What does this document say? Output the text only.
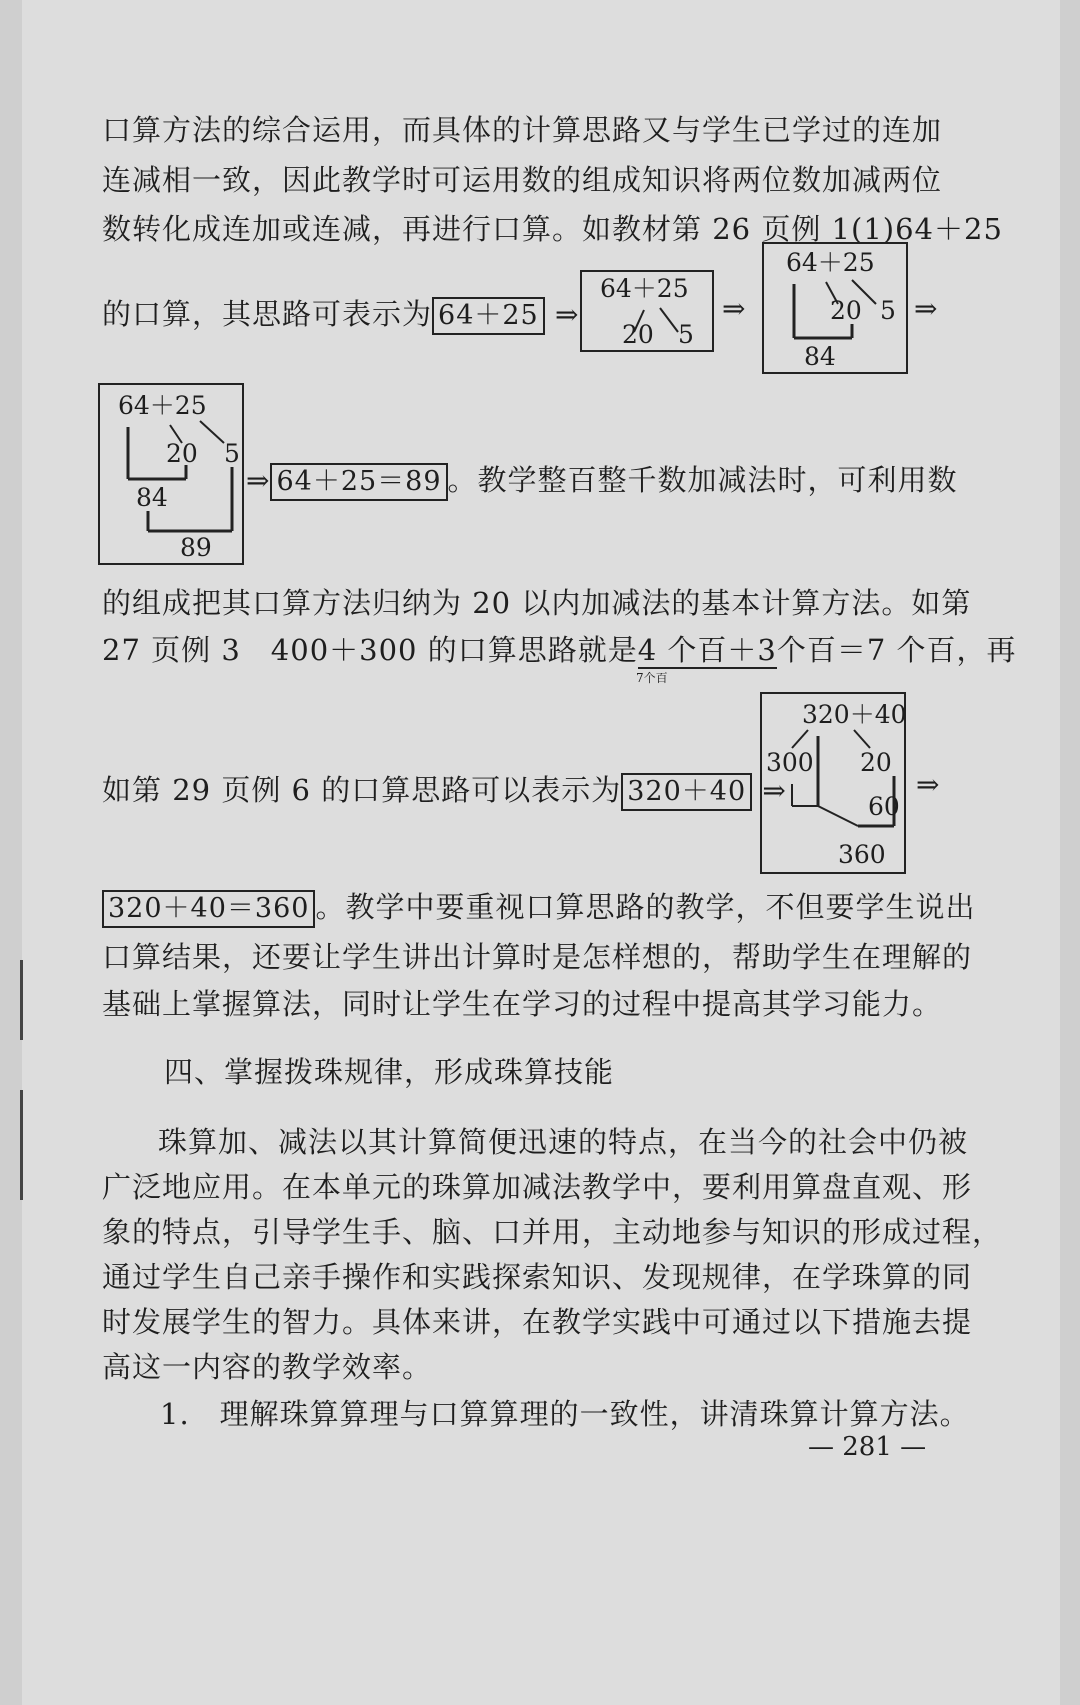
口算方法的综合运用，而具体的计算思路又与学生已学过的连加
连减相一致，因此教学时可运用数的组成知识将两位数加减两位
数转化成连加或连减，再进行口算。如教材第 26 页例 1(1)64＋25
的口算，其思路可表示为 64＋25 ⇒
64＋25
20 5
⇒
64＋25
20 5
84
⇒
64＋25
20 5
84
89
⇒ 64＋25＝89 。教学整百整千数加减法时，可利用数
的组成把其口算方法归纳为 20 以内加减法的基本计算方法。如第
27 页例 3　400＋300 的口算思路就是4 个百＋3个百＝7 个百，再
7个百
如第 29 页例 6 的口算思路可以表示为 320＋40 ⇒
320＋40
300 20
60
360
⇒
320＋40＝360 。教学中要重视口算思路的教学，不但要学生说出
口算结果，还要让学生讲出计算时是怎样想的，帮助学生在理解的
基础上掌握算法，同时让学生在学习的过程中提高其学习能力。
四、掌握拨珠规律，形成珠算技能
珠算加、减法以其计算简便迅速的特点，在当今的社会中仍被
广泛地应用。在本单元的珠算加减法教学中，要利用算盘直观、形
象的特点，引导学生手、脑、口并用，主动地参与知识的形成过程，
通过学生自己亲手操作和实践探索知识、发现规律，在学珠算的同
时发展学生的智力。具体来讲，在教学实践中可通过以下措施去提
高这一内容的教学效率。
1.　理解珠算算理与口算算理的一致性，讲清珠算计算方法。
— 281 —
